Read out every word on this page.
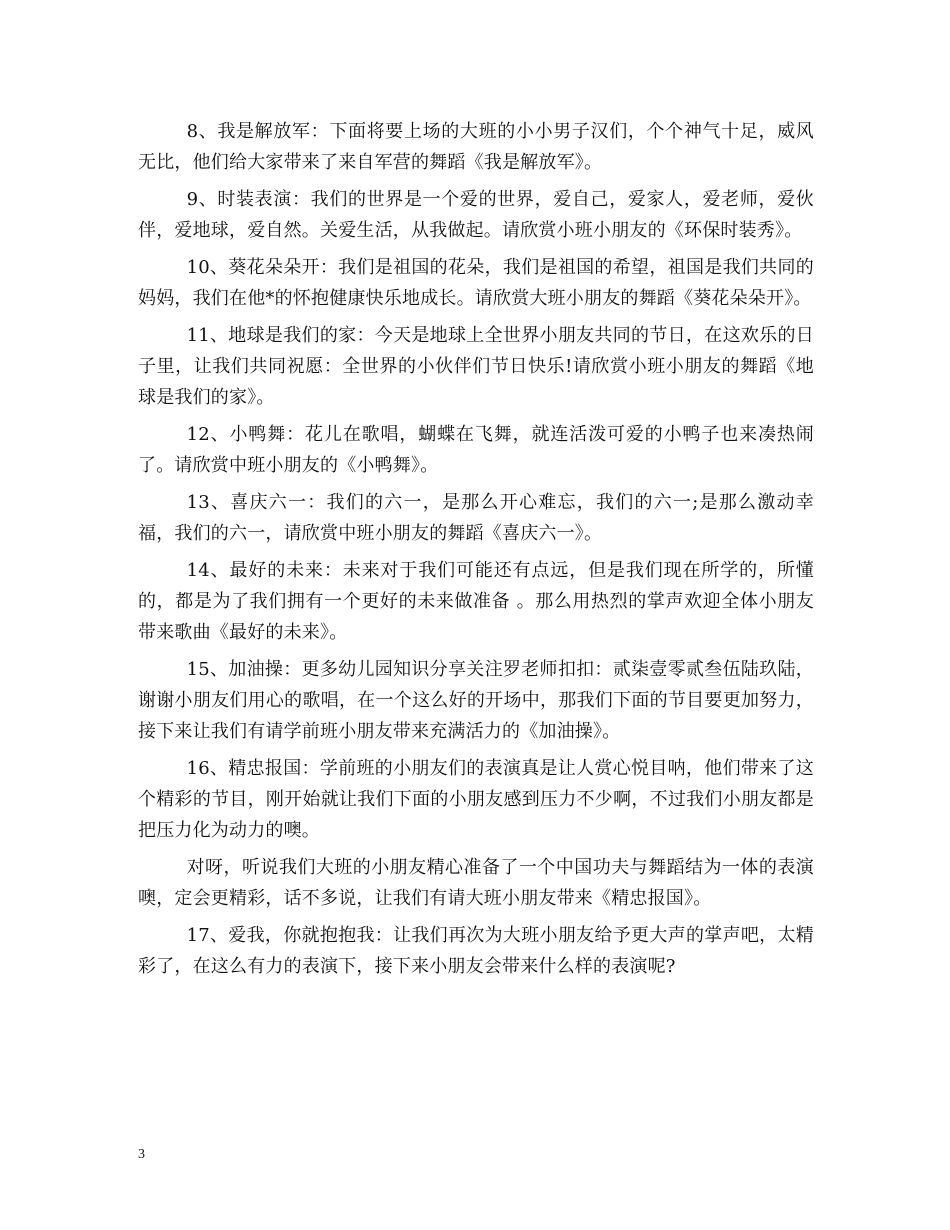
8、我是解放军：下面将要上场的大班的小小男子汉们，个个神气十足，威风无比，他们给大家带来了来自军营的舞蹈《我是解放军》。

9、时装表演：我们的世界是一个爱的世界，爱自己，爱家人，爱老师，爱伙伴，爱地球，爱自然。关爱生活，从我做起。请欣赏小班小朋友的《环保时装秀》。

10、葵花朵朵开：我们是祖国的花朵，我们是祖国的希望，祖国是我们共同的妈妈，我们在他*的怀抱健康快乐地成长。请欣赏大班小朋友的舞蹈《葵花朵朵开》。

11、地球是我们的家：今天是地球上全世界小朋友共同的节日，在这欢乐的日子里，让我们共同祝愿：全世界的小伙伴们节日快乐!请欣赏小班小朋友的舞蹈《地球是我们的家》。

12、小鸭舞：花儿在歌唱，蝴蝶在飞舞，就连活泼可爱的小鸭子也来凑热闹了。请欣赏中班小朋友的《小鸭舞》。

13、喜庆六一：我们的六一，是那么开心难忘，我们的六一;是那么激动幸福，我们的六一，请欣赏中班小朋友的舞蹈《喜庆六一》。

14、最好的未来：未来对于我们可能还有点远，但是我们现在所学的，所懂的，都是为了我们拥有一个更好的未来做准备 。那么用热烈的掌声欢迎全体小朋友带来歌曲《最好的未来》。

15、加油操：更多幼儿园知识分享关注罗老师扣扣：贰柒壹零贰叁伍陆玖陆，谢谢小朋友们用心的歌唱，在一个这么好的开场中，那我们下面的节目要更加努力，接下来让我们有请学前班小朋友带来充满活力的《加油操》。

16、精忠报国：学前班的小朋友们的表演真是让人赏心悦目呐，他们带来了这个精彩的节目，刚开始就让我们下面的小朋友感到压力不少啊，不过我们小朋友都是把压力化为动力的噢。

对呀，听说我们大班的小朋友精心准备了一个中国功夫与舞蹈结为一体的表演噢，定会更精彩，话不多说，让我们有请大班小朋友带来《精忠报国》。

17、爱我，你就抱抱我：让我们再次为大班小朋友给予更大声的掌声吧，太精彩了，在这么有力的表演下，接下来小朋友会带来什么样的表演呢?

3
